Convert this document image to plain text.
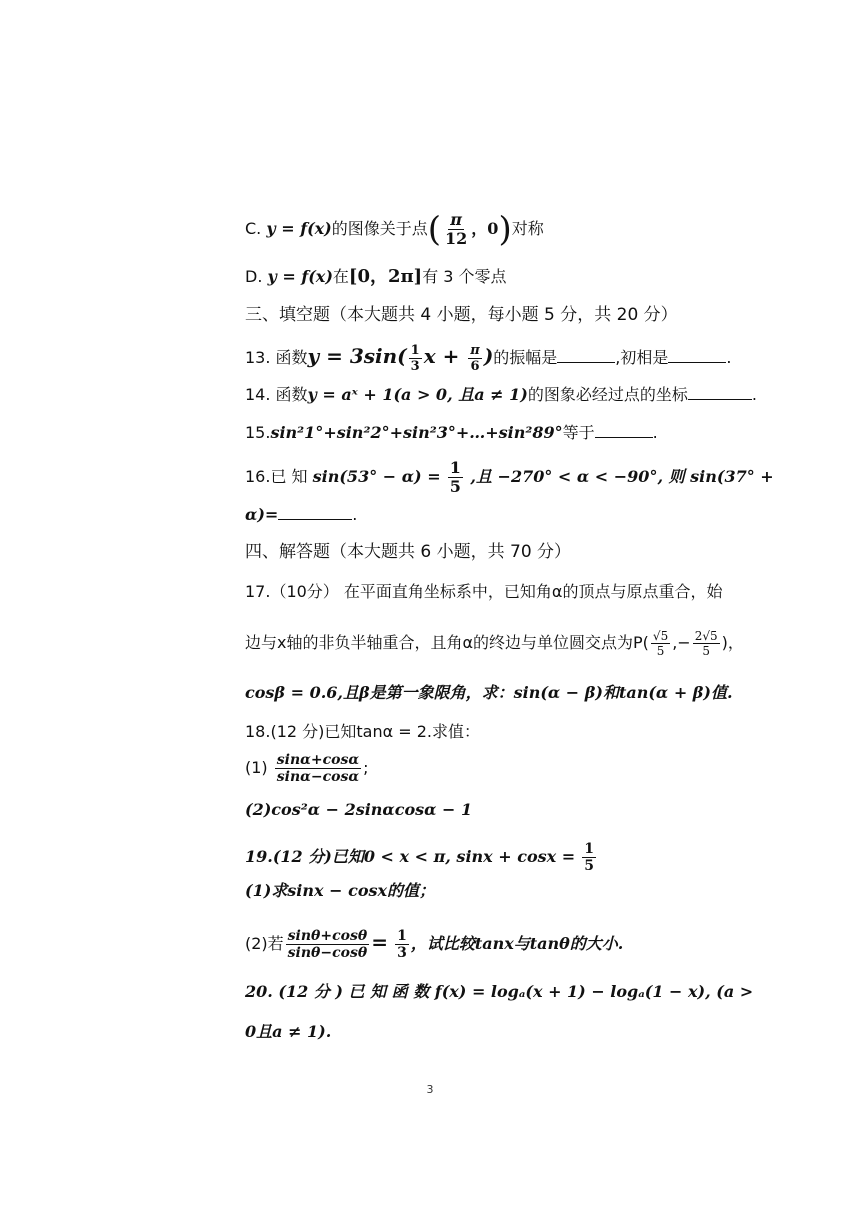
C. y = f(x)的图像关于点( $\frac{\pi}{12}$ ，0)对称
D. y = f(x)在[0，2π]有 3 个零点
三、填空题（本大题共 4 小题，每小题 5 分，共 20 分）
13. 函数$y = 3\sin( \frac{1}{3}$ $x + \frac{\pi}{6}$ )的振幅是	,初相是	.
14. 函数y = aˣ + 1(a > 0, 且a ≠ 1)的图象必经过点的坐标	.
15.sin²1°+sin²2°+sin²3°+…+sin²89°等于	.
16.已 知 $\sin(53^\circ - \alpha) = \frac{1}{5}$ ,且 −270° < α < −90°, 则 sin(37° +
α)=	.
四、解答题（本大题共 6 小题，共 70 分）
17.（10分） 在平面直角坐标系中，已知角α的顶点与原点重合，始
边与x轴的非负半轴重合，且角α的终边与单位圆交点为$P( \frac{√5}{5}$ ,− $\frac{2√5}{5}$ )，
cosβ = 0.6,且β是第一象限角，求：sin(α − β)和tan(α + β)值.
18.(12 分)已知tanα = 2.求值：
$(1) \frac{\sin\alpha+\cos\alpha}{\sin\alpha-\cos\alpha}$ ;
(2)cos²α − 2sinαcosα − 1
19.(12 分)已知0 < x < π, $\sin x + \cos x = \frac{1}{5}$
(1)求sinx − cosx的值；
(2)若 $\frac{\sin\theta+\cos\theta}{\sin\theta-\cos\theta} = \frac{1}{3}$ ，试比较tanx与tanθ的大小.
20. (12 分 ) 已 知 函 数 f(x) = logₐ(x + 1) − logₐ(1 − x), (a >
0且a ≠ 1).
3
